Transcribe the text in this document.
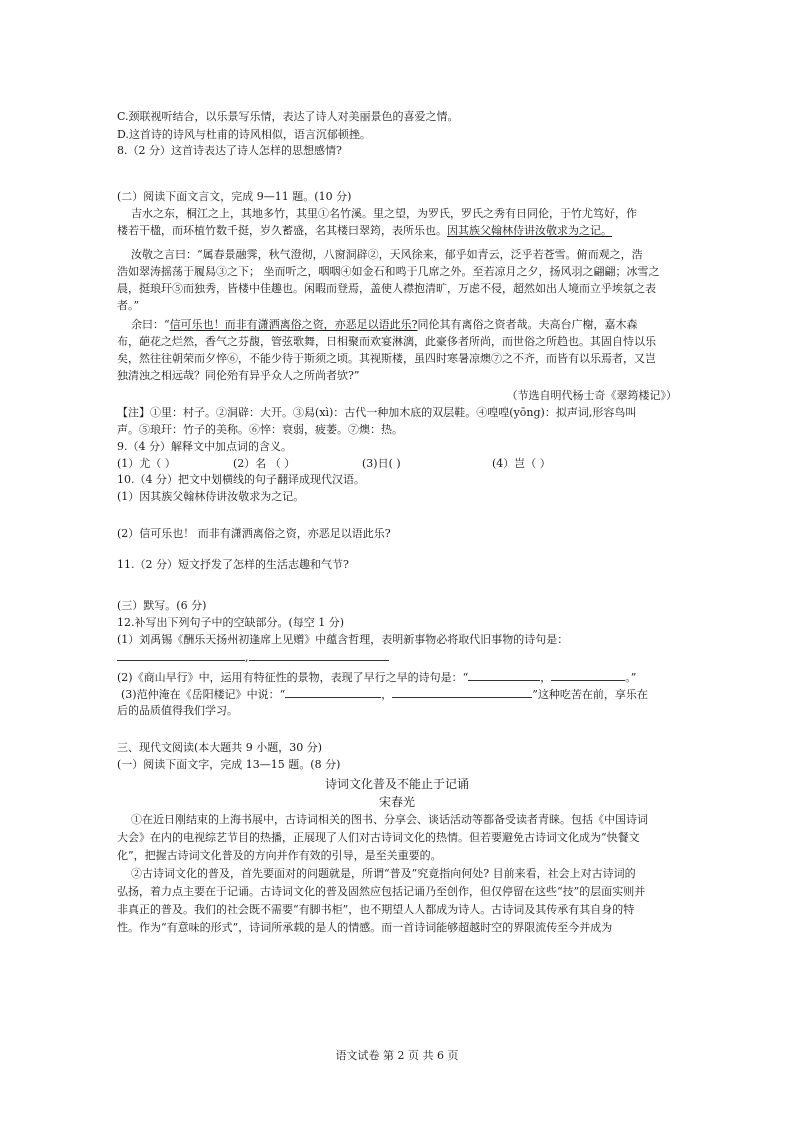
C.颈联视听结合，以乐景写乐情，表达了诗人对美丽景色的喜爱之情。
D.这首诗的诗风与杜甫的诗风相似，语言沉郁顿挫。
8.（2 分）这首诗表达了诗人怎样的思想感情?
(二）阅读下面文言文，完成 9—11 题。(10 分)
吉水之东，桐江之上，其地多竹，其里①名竹溪。里之望，为罗氏，罗氏之秀有日同伦，于竹尤笃好，作
楼若干楹，而环植竹数千挺，岁久蓄盛，名其楼曰翠筠，表所乐也。因其族父翰林侍讲汝敬求为之记。
汝敬之言曰：“属春景融霁，秋气澄彻，八窗洞辟②，天风徐来，郁乎如青云，泛乎若苍雪。俯而观之，浩
浩如翠涛摇荡于履舄③之下； 坐而听之，咽咽④如金石和鸣于几席之外。至若凉月之夕，扬风羽之翩翩；冰雪之
晨，挺琅玕⑤而独秀，皆楼中佳趣也。闲暇而登焉，盖使人襟抱清旷，万虑不侵，超然如出人境而立乎埃氛之表
者。”
余曰：“信可乐也！而非有潇洒离俗之资，亦恶足以语此乐?同伦其有离俗之资者哉。夫高台广榭，嘉木森
布，葩花之烂然，香气之芬馥，管弦歌舞，日相聚而欢宴淋漓，此豪侈者所尚，而世俗之所趋也。其固自恃以乐
矣，然往往朝荣而夕悴⑥，不能少待于斯须之顷。其视斯楼，虽四时寒暑凉燠⑦之不齐，而皆有以乐焉者，又岂
独清浊之相远哉？同伦殆有异乎众人之所尚者欤?”
（节选自明代杨士奇《翠筠楼记》）
【注】①里：村子。②洞辟：大开。③舄(xì)：古代一种加木底的双层鞋。④喤喤(yōng)：拟声词,形容鸟叫
声。⑤琅玕：竹子的美称。⑥悴：衰弱，疲萎。⑦燠：热。
9.（4 分）解释文中加点词的含义。
(1）尤（ ）	(2）名 （ ）	(3)日( )	(4）岂（ ）
10.（4 分）把文中划横线的句子翻译成现代汉语。
(1）因其族父翰林侍讲汝敬求为之记。
(2）信可乐也！ 而非有潇洒离俗之资，亦恶足以语此乐?
11.（2 分）短文抒发了怎样的生活志趣和气节?
(三）默写。(6 分)
12.补写出下列句子中的空缺部分。(每空 1 分)
(1）刘禹锡《酬乐天扬州初逢席上见赠》中蕴含哲理，表明新事物必将取代旧事物的诗句是：
,
(2)《商山早行》中，运用有特征性的景物，表现了早行之早的诗句是：“	，	。”
(3)范仲淹在《岳阳楼记》中说：“	，	”这种吃苦在前，享乐在
后的品质值得我们学习。
三、现代文阅读(本大题共 9 小题，30 分)
(一）阅读下面文字，完成 13—15 题。(8 分)
诗词文化普及不能止于记诵
宋春光
①在近日刚结束的上海书展中，古诗词相关的图书、分享会、谈话活动等都备受读者青睐。包括《中国诗词
大会》在内的电视综艺节目的热播，正展现了人们对古诗词文化的热情。但若要避免古诗词文化成为“快餐文
化”，把握古诗词文化普及的方向并作有效的引导，是至关重要的。
②古诗词文化的普及，首先要面对的问题就是，所谓“普及”究竟指向何处? 目前来看，社会上对古诗词的
弘扬，着力点主要在于记诵。古诗词文化的普及固然应包括记诵乃至创作，但仅停留在这些“技”的层面实则并
非真正的普及。我们的社会既不需要“有脚书柜”，也不期望人人都成为诗人。古诗词及其传承有其自身的特
性。作为“有意味的形式”，诗词所承载的是人的情感。而一首诗词能够超越时空的界限流传至今并成为
语文试卷 第 2 页 共 6 页
